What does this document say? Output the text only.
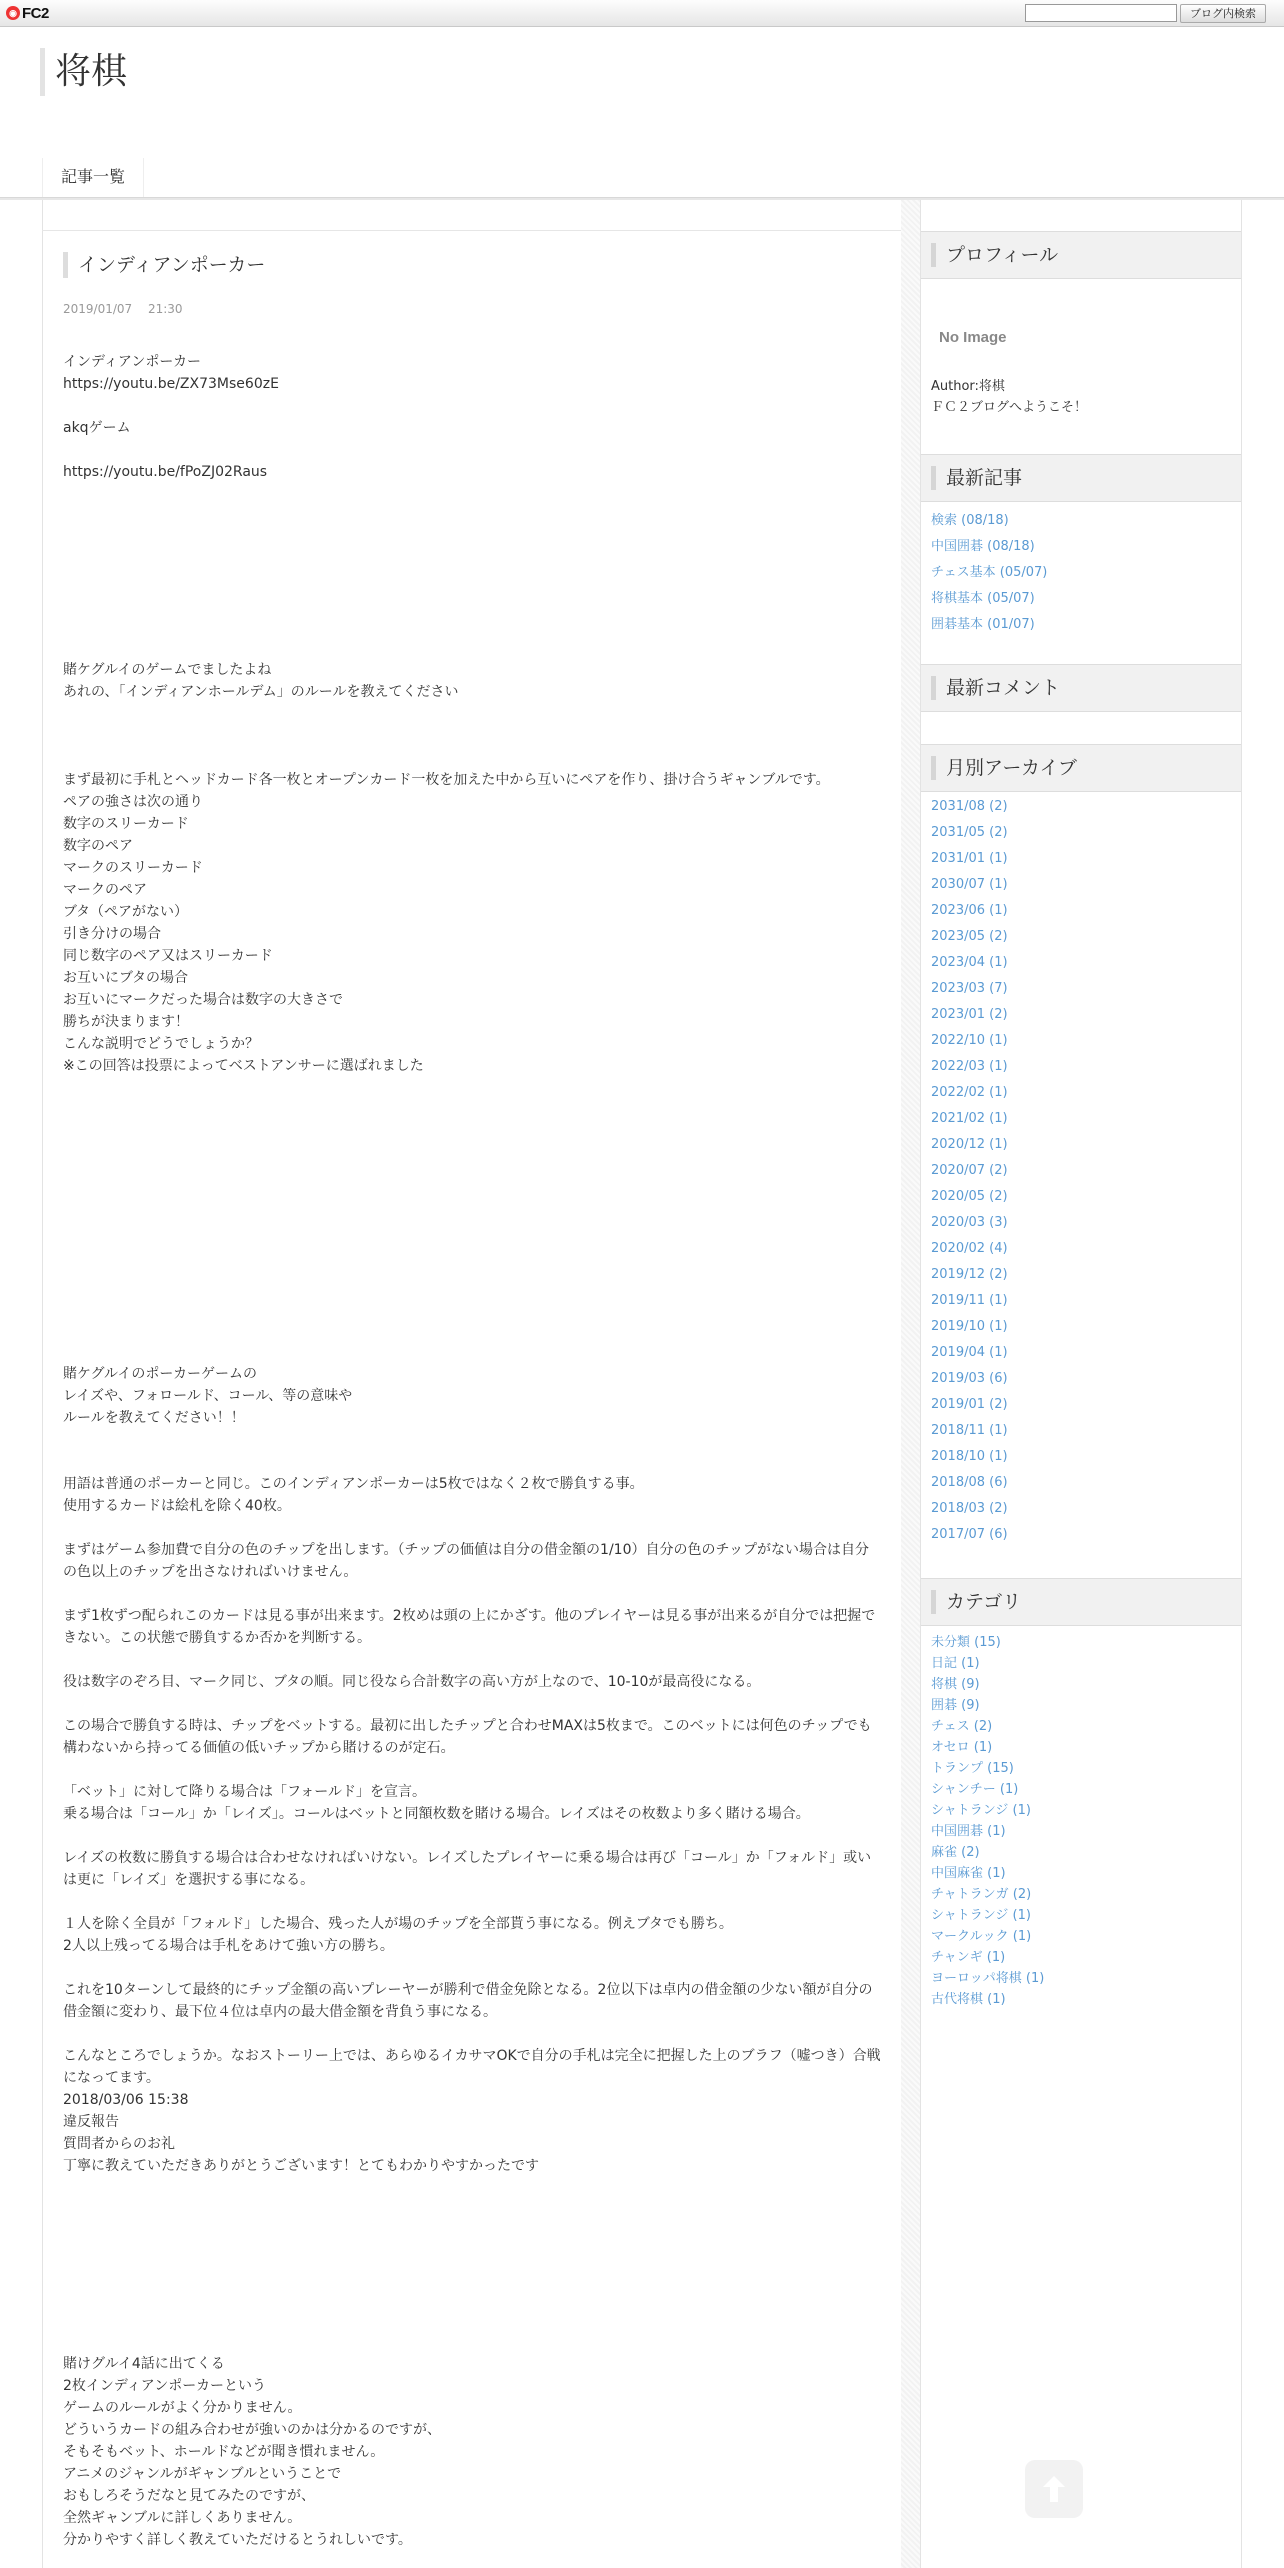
◉ FC2	ブログ内検索
将棋
記事一覧
インディアンポーカー
2019/01/07　 21:30
インディアンポーカー
https://youtu.be/ZX73Mse60zE

akqゲーム

https://youtu.be/fPoZJ02Raus

賭ケグルイのゲームでましたよね
あれの、「インディアンホールデム」のルールを教えてください

まず最初に手札とヘッドカード各一枚とオープンカード一枚を加えた中から互いにペアを作り、掛け合うギャンブルです。
ペアの強さは次の通り
数字のスリーカード
数字のペア
マークのスリーカード
マークのペア
ブタ（ペアがない）
引き分けの場合
同じ数字のペア又はスリーカード
お互いにブタの場合
お互いにマークだった場合は数字の大きさで
勝ちが決まります！
こんな説明でどうでしょうか？
※この回答は投票によってベストアンサーに選ばれました

賭ケグルイのポーカーゲームの
レイズや、フォロールド、コール、等の意味や
ルールを教えてください！！

用語は普通のポーカーと同じ。このインディアンポーカーは5枚ではなく２枚で勝負する事。
使用するカードは絵札を除く40枚。

まずはゲーム参加費で自分の色のチップを出します。（チップの価値は自分の借金額の1/10）自分の色のチップがない場合は自分の色以上のチップを出さなければいけません。

まず1枚ずつ配られこのカードは見る事が出来ます。2枚めは頭の上にかざす。他のプレイヤーは見る事が出来るが自分では把握できない。この状態で勝負するか否かを判断する。

役は数字のぞろ目、マーク同じ、ブタの順。同じ役なら合計数字の高い方が上なので、10-10が最高役になる。

この場合で勝負する時は、チップをベットする。最初に出したチップと合わせMAXは5枚まで。このベットには何色のチップでも構わないから持ってる価値の低いチップから賭けるのが定石。

「ベット」に対して降りる場合は「フォールド」を宣言。
乗る場合は「コール」か「レイズ」。コールはベットと同額枚数を賭ける場合。レイズはその枚数より多く賭ける場合。

レイズの枚数に勝負する場合は合わせなければいけない。レイズしたプレイヤーに乗る場合は再び「コール」か「フォルド」或いは更に「レイズ」を選択する事になる。

１人を除く全員が「フォルド」した場合、残った人が場のチップを全部貰う事になる。例えブタでも勝ち。
2人以上残ってる場合は手札をあけて強い方の勝ち。

これを10ターンして最終的にチップ金額の高いプレーヤーが勝利で借金免除となる。2位以下は卓内の借金額の少ない額が自分の借金額に変わり、最下位４位は卓内の最大借金額を背負う事になる。

こんなところでしょうか。なおストーリー上では、あらゆるイカサマOKで自分の手札は完全に把握した上のブラフ（嘘つき）合戦になってます。
2018/03/06 15:38
違反報告
質問者からのお礼
丁寧に教えていただきありがとうございます！とてもわかりやすかったです

賭けグルイ4話に出てくる
2枚インディアンポーカーという
ゲームのルールがよく分かりません。
どういうカードの組み合わせが強いのかは分かるのですが、
そもそもベット、ホールドなどが聞き慣れません。
アニメのジャンルがギャンブルということで
おもしろそうだなと見てみたのですが、
全然ギャンブルに詳しくありません。
分かりやすく詳しく教えていただけるとうれしいです。
プロフィール
No Image
Author:将棋
ＦＣ２ブログへようこそ！
最新記事
検索 (08/18)
中国囲碁 (08/18)
チェス基本 (05/07)
将棋基本 (05/07)
囲碁基本 (01/07)
最新コメント
月別アーカイブ
2031/08 (2)
2031/05 (2)
2031/01 (1)
2030/07 (1)
2023/06 (1)
2023/05 (2)
2023/04 (1)
2023/03 (7)
2023/01 (2)
2022/10 (1)
2022/03 (1)
2022/02 (1)
2021/02 (1)
2020/12 (1)
2020/07 (2)
2020/05 (2)
2020/03 (3)
2020/02 (4)
2019/12 (2)
2019/11 (1)
2019/10 (1)
2019/04 (1)
2019/03 (6)
2019/01 (2)
2018/11 (1)
2018/10 (1)
2018/08 (6)
2018/03 (2)
2017/07 (6)
カテゴリ
未分類 (15)
日記 (1)
将棋 (9)
囲碁 (9)
チェス (2)
オセロ (1)
トランプ (15)
シャンチー (1)
シャトランジ (1)
中国囲碁 (1)
麻雀 (2)
中国麻雀 (1)
チャトランガ (2)
シャトランジ (1)
マークルック (1)
チャンギ (1)
ヨーロッパ将棋 (1)
古代将棋 (1)
